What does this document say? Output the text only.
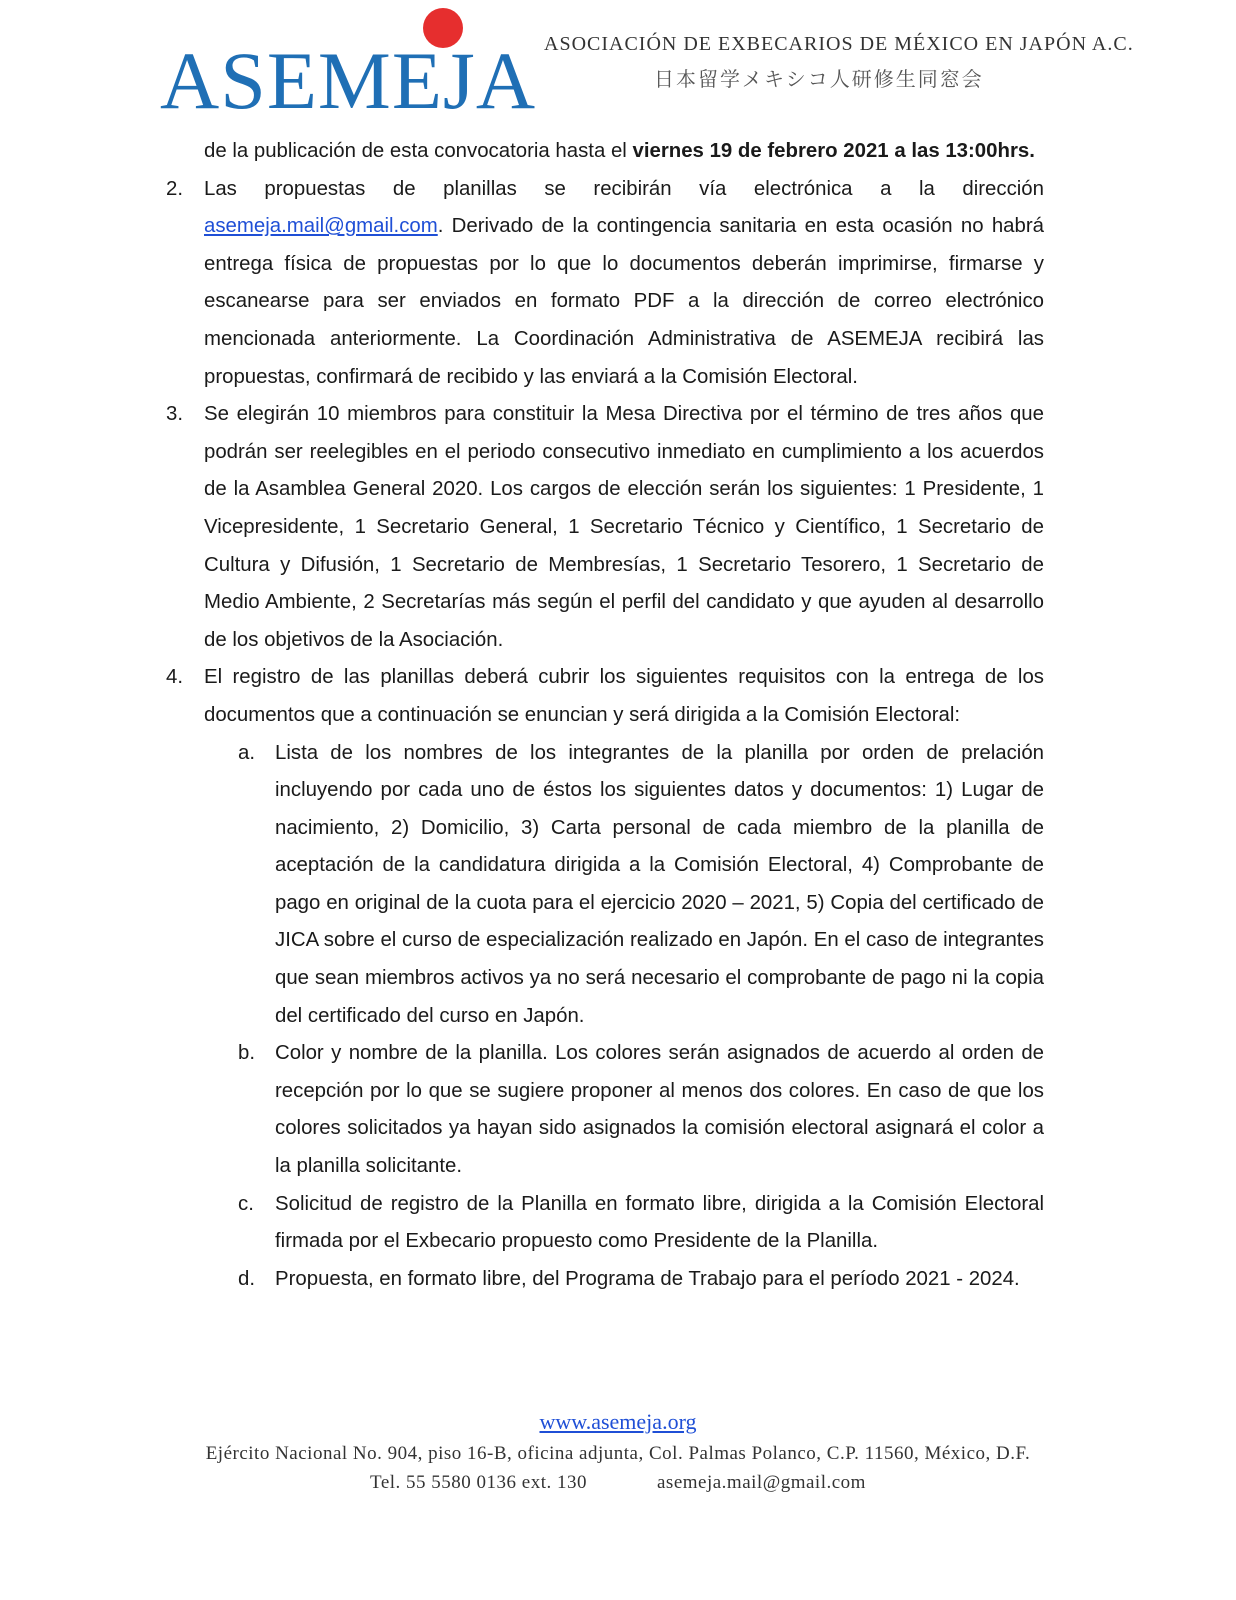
ASEMEJA ASOCIACIÓN DE EXBECARIOS DE MÉXICO EN JAPÓN A.C.
日本留学メキシコ人研修生同窓会

de la publicación de esta convocatoria hasta el viernes 19 de febrero 2021 a las 13:00hrs.

2. Las propuestas de planillas se recibirán vía electrónica a la dirección asemeja.mail@gmail.com. Derivado de la contingencia sanitaria en esta ocasión no habrá entrega física de propuestas por lo que lo documentos deberán imprimirse, firmarse y escanearse para ser enviados en formato PDF a la dirección de correo electrónico mencionada anteriormente. La Coordinación Administrativa de ASEMEJA recibirá las propuestas, confirmará de recibido y las enviará a la Comisión Electoral.
3. Se elegirán 10 miembros para constituir la Mesa Directiva por el término de tres años que podrán ser reelegibles en el periodo consecutivo inmediato en cumplimiento a los acuerdos de la Asamblea General 2020. Los cargos de elección serán los siguientes: 1 Presidente, 1 Vicepresidente, 1 Secretario General, 1 Secretario Técnico y Científico, 1 Secretario de Cultura y Difusión, 1 Secretario de Membresías, 1 Secretario Tesorero, 1 Secretario de Medio Ambiente, 2 Secretarías más según el perfil del candidato y que ayuden al desarrollo de los objetivos de la Asociación.
4. El registro de las planillas deberá cubrir los siguientes requisitos con la entrega de los documentos que a continuación se enuncian y será dirigida a la Comisión Electoral:
a. Lista de los nombres de los integrantes de la planilla por orden de prelación incluyendo por cada uno de éstos los siguientes datos y documentos: 1) Lugar de nacimiento, 2) Domicilio, 3) Carta personal de cada miembro de la planilla de aceptación de la candidatura dirigida a la Comisión Electoral, 4) Comprobante de pago en original de la cuota para el ejercicio 2020 – 2021, 5) Copia del certificado de JICA sobre el curso de especialización realizado en Japón. En el caso de integrantes que sean miembros activos ya no será necesario el comprobante de pago ni la copia del certificado del curso en Japón.
b. Color y nombre de la planilla. Los colores serán asignados de acuerdo al orden de recepción por lo que se sugiere proponer al menos dos colores. En caso de que los colores solicitados ya hayan sido asignados la comisión electoral asignará el color a la planilla solicitante.
c. Solicitud de registro de la Planilla en formato libre, dirigida a la Comisión Electoral firmada por el Exbecario propuesto como Presidente de la Planilla.
d. Propuesta, en formato libre, del Programa de Trabajo para el período 2021 - 2024.
www.asemeja.org
Ejército Nacional No. 904, piso 16-B, oficina adjunta, Col. Palmas Polanco, C.P. 11560, México, D.F.
Tel. 55 5580 0136 ext. 130	asemeja.mail@gmail.com
